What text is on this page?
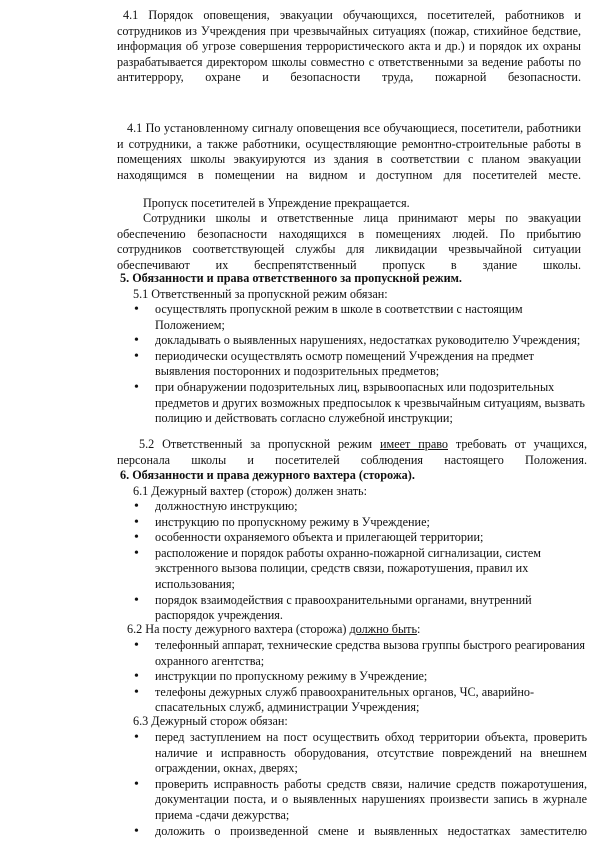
4.1 Порядок оповещения, эвакуации обучающихся, посетителей, работников и сотрудников из Учреждения при чрезвычайных ситуациях (пожар, стихийное бедствие, информация об угрозе совершения террористического акта и др.) и порядок их охраны разрабатывается директором школы совместно с ответственными за ведение работы по антитеррору, охране и безопасности труда, пожарной безопасности.

4.1 По установленному сигналу оповещения все обучающиеся, посетители, работники и сотрудники, а также работники, осуществляющие ремонтно-строительные работы в помещениях школы эвакуируются из здания в соответствии с планом эвакуации находящимся в помещении на видном и доступном для посетителей месте.

Пропуск посетителей в Упреждение прекращается.

Сотрудники школы и ответственные лица принимают меры по эвакуации обеспечению безопасности находящихся в помещениях людей. По прибытию сотрудников соответствующей службы для ликвидации чрезвычайной ситуации обеспечивают их беспрепятственный пропуск в здание школы.

5. Обязанности и права ответственного за пропускной режим.

5.1 Ответственный за пропускной режим обязан:

• осуществлять пропускной режим в школе в соответствии с настоящим Положением;
• докладывать о выявленных нарушениях, недостатках руководителю Учреждения;
• периодически осуществлять осмотр помещений Учреждения на предмет выявления посторонних и подозрительных предметов;
• при обнаружении подозрительных лиц, взрывоопасных или подозрительных предметов и других возможных предпосылок к чрезвычайным ситуациям, вызвать полицию и действовать согласно служебной инструкции;

5.2 Ответственный за пропускной режим имеет право требовать от учащихся, персонала школы и посетителей соблюдения настоящего Положения.

6. Обязанности и права дежурного вахтера (сторожа).

6.1 Дежурный вахтер (сторож) должен знать:

• должностную инструкцию;
• инструкцию по пропускному режиму в Учреждение;
• особенности охраняемого объекта и прилегающей территории;
• расположение и порядок работы охранно-пожарной сигнализации, систем экстренного вызова полиции, средств связи, пожаротушения, правил их использования;
• порядок взаимодействия с правоохранительными органами, внутренний распорядок учреждения.

6.2 На посту дежурного вахтера (сторожа) должно быть:

• телефонный аппарат, технические средства вызова группы быстрого реагирования охранного агентства;
• инструкции по пропускному режиму в Учреждение;
• телефоны дежурных служб правоохранительных органов, ЧС, аварийно-спасательных служб, администрации Учреждения;

6.3 Дежурный сторож обязан:

• перед заступлением на пост осуществить обход территории объекта, проверить наличие и исправность оборудования, отсутствие повреждений на внешнем ограждении, окнах, дверях;
• проверить исправность работы средств связи, наличие средств пожаротушения, документации поста, и о выявленных нарушениях произвести запись в журнале приема -сдачи дежурства;
• доложить о произведенной смене и выявленных недостатках заместителю
